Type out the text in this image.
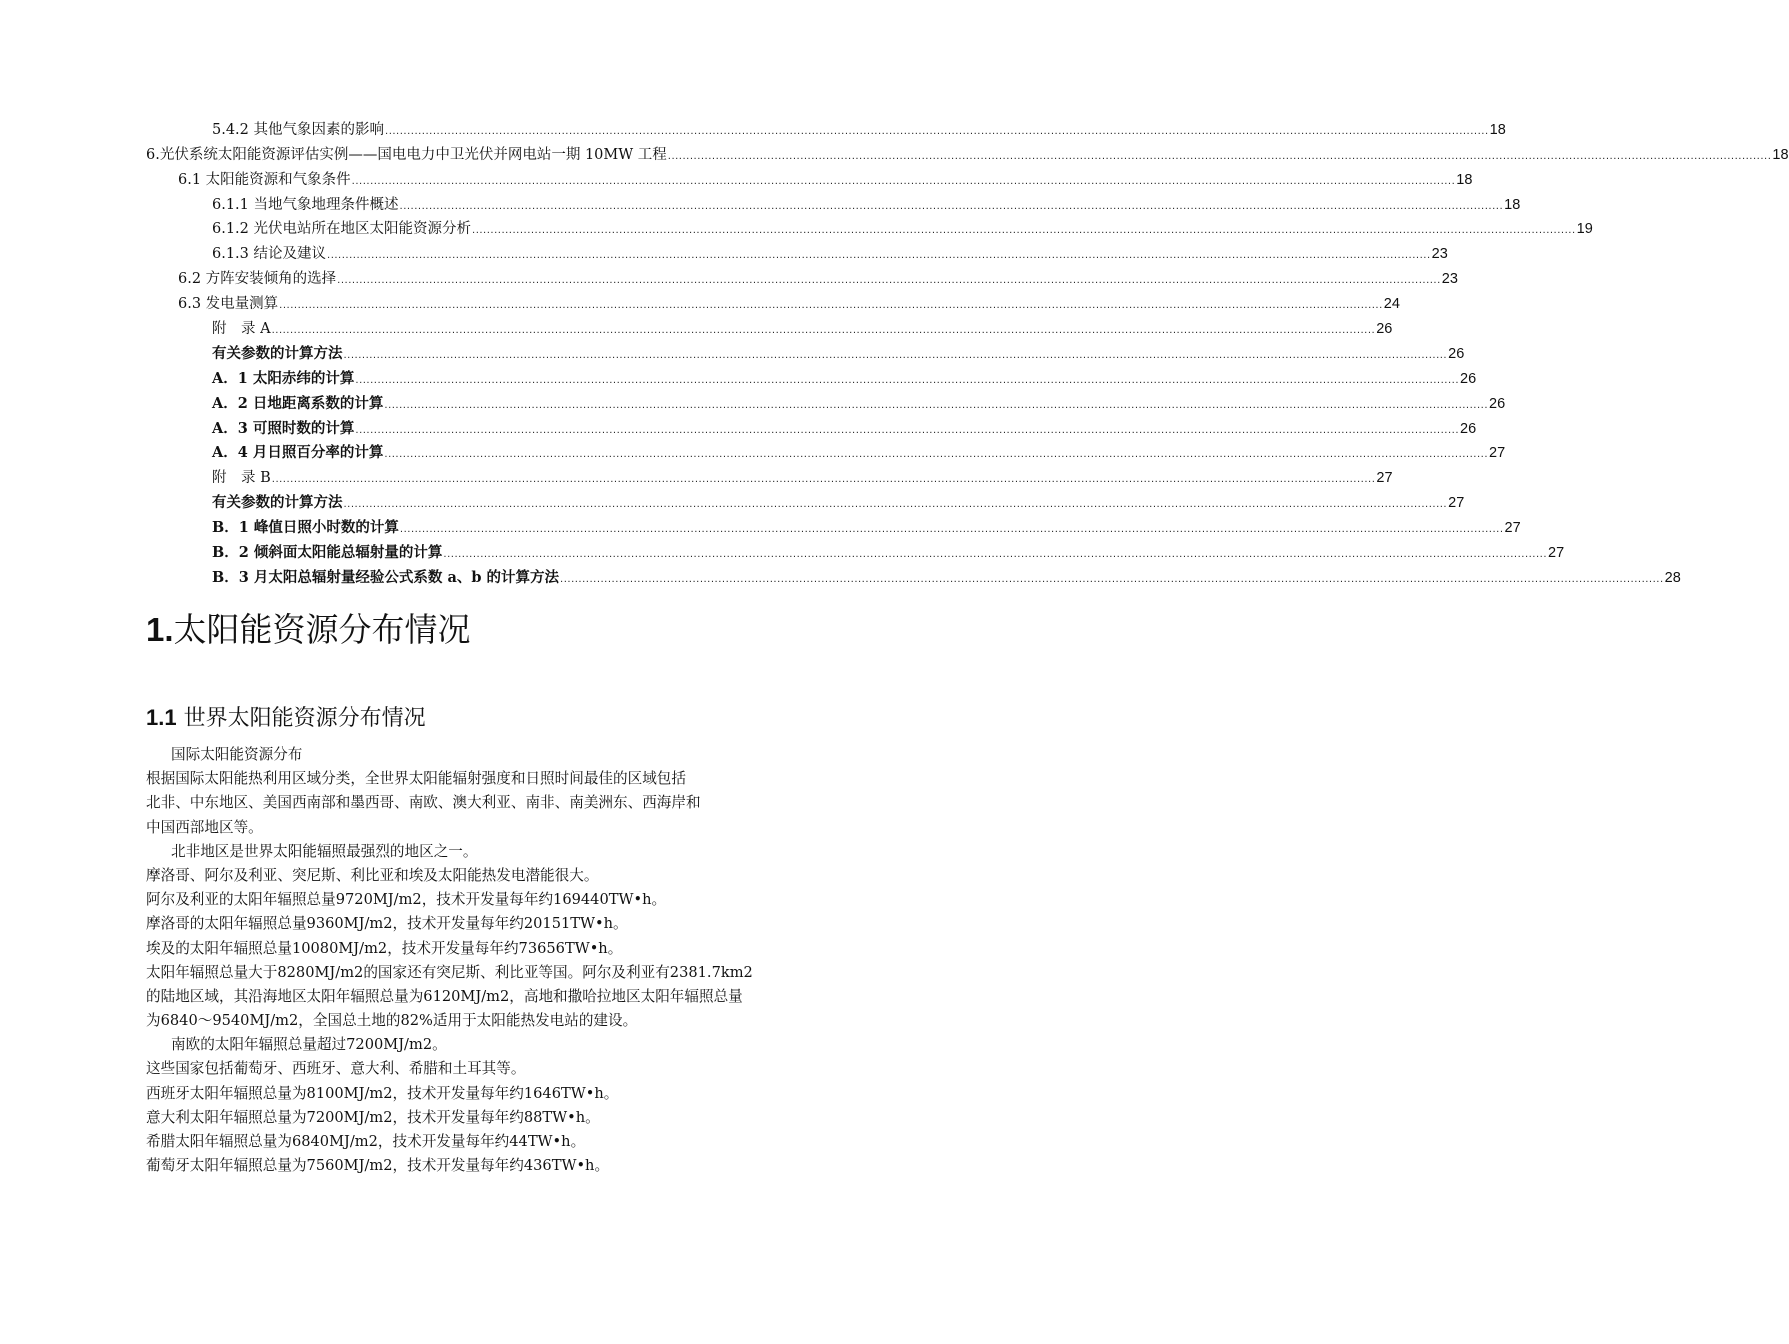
5.4.2 其他气象因素的影响 ............................................................................................................................................................................................................................................................................................................ 18
6.光伏系统太阳能资源评估实例——国电电力中卫光伏并网电站一期 10MW 工程 ............................................................................................................................................................................................................................................................................................................ 18
6.1 太阳能资源和气象条件 ............................................................................................................................................................................................................................................................................................................ 18
6.1.1 当地气象地理条件概述 ............................................................................................................................................................................................................................................................................................................ 18
6.1.2 光伏电站所在地区太阳能资源分析 ............................................................................................................................................................................................................................................................................................................ 19
6.1.3 结论及建议 ............................................................................................................................................................................................................................................................................................................ 23
6.2 方阵安装倾角的选择 ............................................................................................................................................................................................................................................................................................................ 23
6.3 发电量测算 ............................................................................................................................................................................................................................................................................................................ 24
附　录 A ............................................................................................................................................................................................................................................................................................................ 26
有关参数的计算方法 ............................................................................................................................................................................................................................................................................................................ 26
A．1 太阳赤纬的计算 ............................................................................................................................................................................................................................................................................................................ 26
A．2 日地距离系数的计算 ............................................................................................................................................................................................................................................................................................................ 26
A．3 可照时数的计算 ............................................................................................................................................................................................................................................................................................................ 26
A．4 月日照百分率的计算 ............................................................................................................................................................................................................................................................................................................ 27
附　录 B ............................................................................................................................................................................................................................................................................................................ 27
有关参数的计算方法 ............................................................................................................................................................................................................................................................................................................ 27
B．1 峰值日照小时数的计算 ............................................................................................................................................................................................................................................................................................................ 27
B．2 倾斜面太阳能总辐射量的计算 ............................................................................................................................................................................................................................................................................................................ 27
B．3 月太阳总辐射量经验公式系数 a、b 的计算方法 ............................................................................................................................................................................................................................................................................................................ 28
1.太阳能资源分布情况
1.1 世界太阳能资源分布情况
国际太阳能资源分布
根据国际太阳能热利用区域分类，全世界太阳能辐射强度和日照时间最佳的区域包括
北非、中东地区、美国西南部和墨西哥、南欧、澳大利亚、南非、南美洲东、西海岸和
中国西部地区等。
北非地区是世界太阳能辐照最强烈的地区之一。
摩洛哥、阿尔及利亚、突尼斯、利比亚和埃及太阳能热发电潜能很大。
阿尔及利亚的太阳年辐照总量9720MJ/m2，技术开发量每年约169440TW•h。
摩洛哥的太阳年辐照总量9360MJ/m2，技术开发量每年约20151TW•h。
埃及的太阳年辐照总量10080MJ/m2，技术开发量每年约73656TW•h。
太阳年辐照总量大于8280MJ/m2的国家还有突尼斯、利比亚等国。阿尔及利亚有2381.7km2
的陆地区域，其沿海地区太阳年辐照总量为6120MJ/m2，高地和撒哈拉地区太阳年辐照总量
为6840～9540MJ/m2，全国总土地的82%适用于太阳能热发电站的建设。
南欧的太阳年辐照总量超过7200MJ/m2。
这些国家包括葡萄牙、西班牙、意大利、希腊和土耳其等。
西班牙太阳年辐照总量为8100MJ/m2，技术开发量每年约1646TW•h。
意大利太阳年辐照总量为7200MJ/m2，技术开发量每年约88TW•h。
希腊太阳年辐照总量为6840MJ/m2，技术开发量每年约44TW•h。
葡萄牙太阳年辐照总量为7560MJ/m2，技术开发量每年约436TW•h。
